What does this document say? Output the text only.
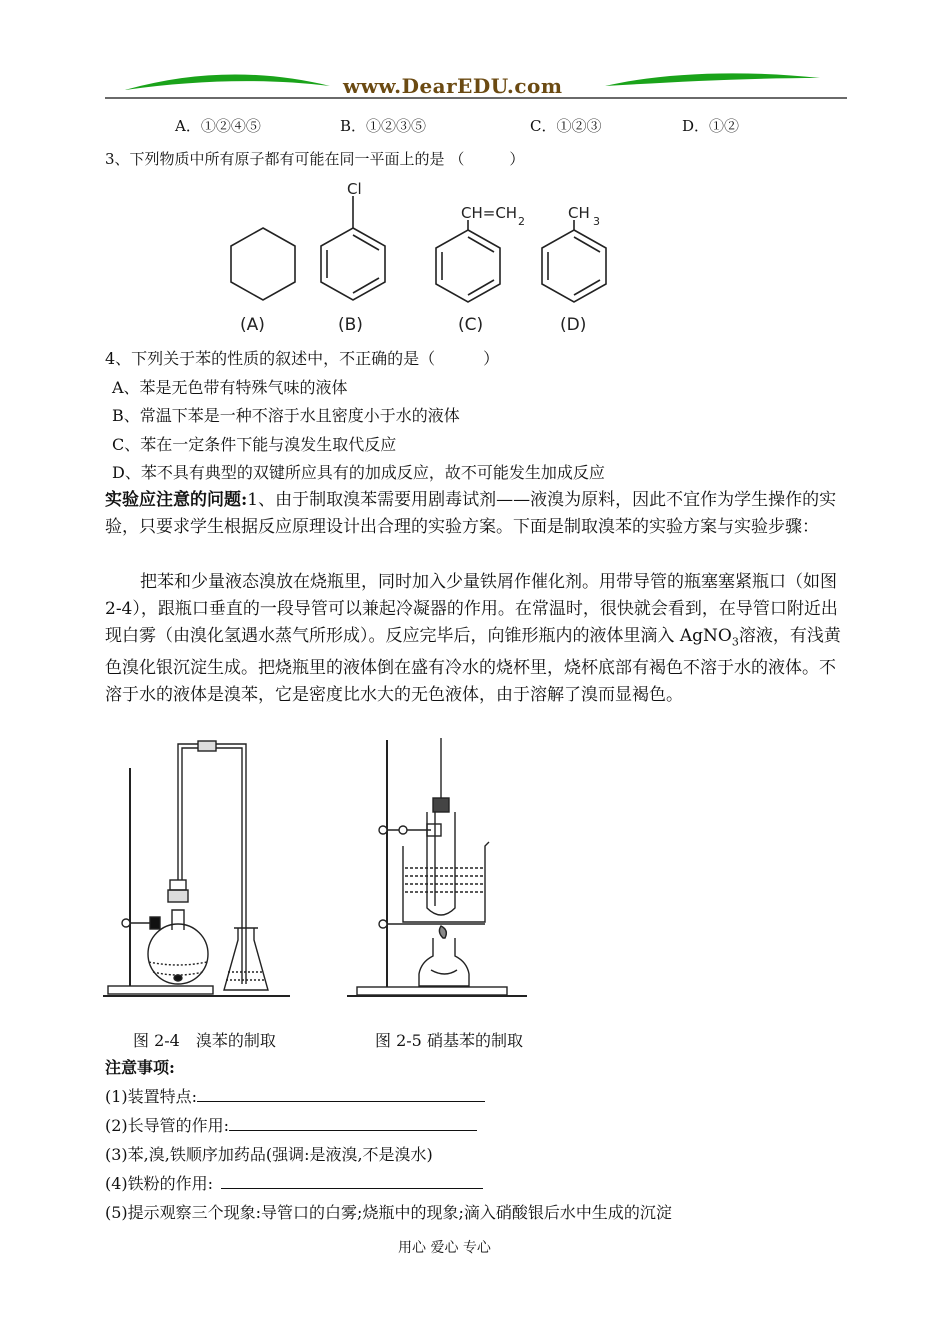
www.DearEDU.com
A．①②④⑤	B．①②③⑤	C．①②③	D．①②
3、下列物质中所有原子都有可能在同一平面上的是 （　　　）
Cl
CH=CH 2	CH 3
(A)	(B)	(C)	(D)
4、下列关于苯的性质的叙述中，不正确的是（　　　）
A、苯是无色带有特殊气味的液体
B、常温下苯是一种不溶于水且密度小于水的液体
C、苯在一定条件下能与溴发生取代反应
D、苯不具有典型的双键所应具有的加成反应，故不可能发生加成反应
实验应注意的问题:1、由于制取溴苯需要用剧毒试剂——液溴为原料，因此不宜作为学生操作的实验，只要求学生根据反应原理设计出合理的实验方案。下面是制取溴苯的实验方案与实验步骤：
把苯和少量液态溴放在烧瓶里，同时加入少量铁屑作催化剂。用带导管的瓶塞塞紧瓶口（如图2-4），跟瓶口垂直的一段导管可以兼起冷凝器的作用。在常温时，很快就会看到，在导管口附近出现白雾（由溴化氢遇水蒸气所形成）。反应完毕后，向锥形瓶内的液体里滴入 AgNO$_3$溶液，有浅黄色溴化银沉淀生成。把烧瓶里的液体倒在盛有冷水的烧杯里，烧杯底部有褐色不溶于水的液体。不溶于水的液体是溴苯，它是密度比水大的无色液体，由于溶解了溴而显褐色。
图 2-4　溴苯的制取	图 2-5 硝基苯的制取
注意事项:
(1)装置特点:
(2)长导管的作用:
(3)苯,溴,铁顺序加药品(强调:是液溴,不是溴水)
(4)铁粉的作用:
(5)提示观察三个现象:导管口的白雾;烧瓶中的现象;滴入硝酸银后水中生成的沉淀
用心 爱心 专心
